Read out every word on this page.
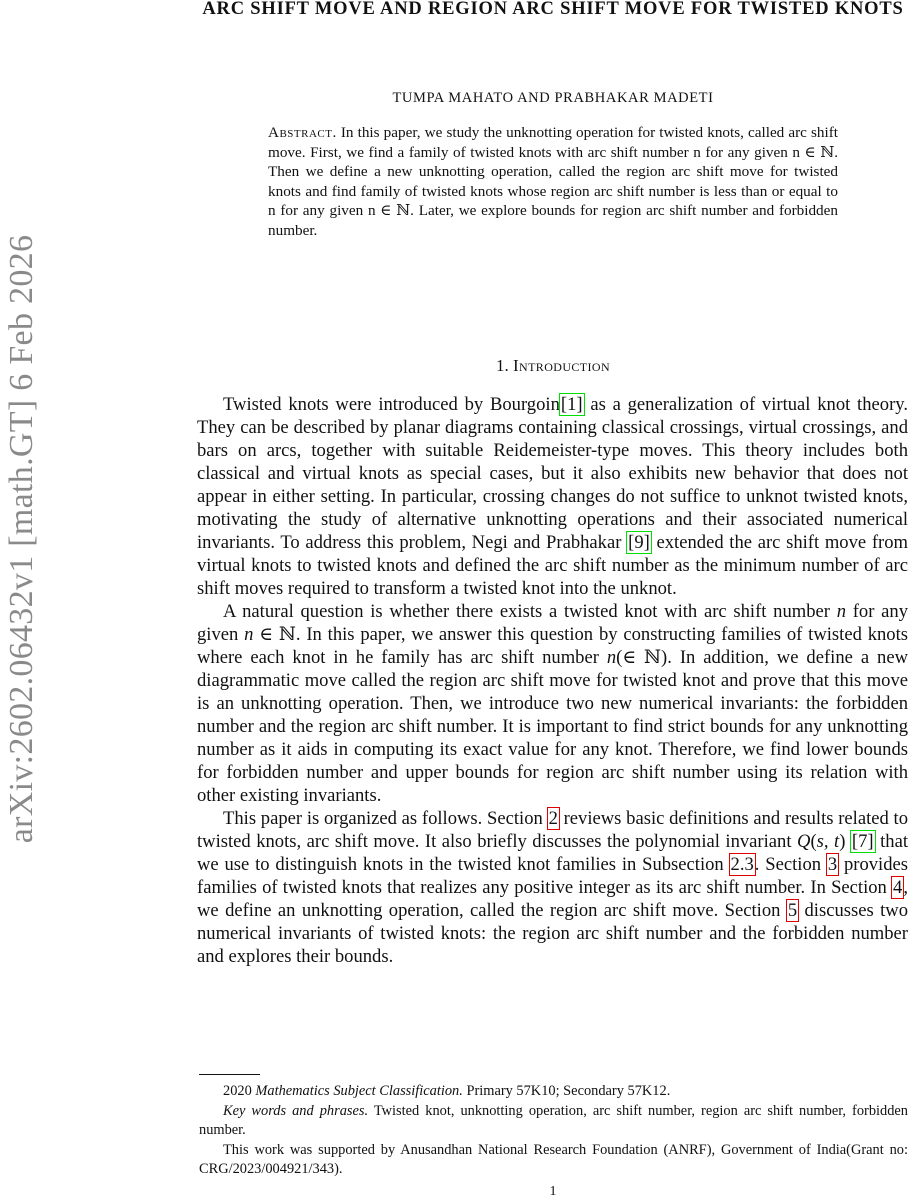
arXiv:2602.06432v1 [math.GT] 6 Feb 2026
ARC SHIFT MOVE AND REGION ARC SHIFT MOVE FOR TWISTED KNOTS
TUMPA MAHATO AND PRABHAKAR MADETI
Abstract. In this paper, we study the unknotting operation for twisted knots, called arc shift move. First, we find a family of twisted knots with arc shift number n for any given n ∈ ℕ. Then we define a new unknotting operation, called the region arc shift move for twisted knots and find family of twisted knots whose region arc shift number is less than or equal to n for any given n ∈ ℕ. Later, we explore bounds for region arc shift number and forbidden number.
1. Introduction

Twisted knots were introduced by Bourgoin[1] as a generalization of virtual knot theory. They can be described by planar diagrams containing classical crossings, virtual crossings, and bars on arcs, together with suitable Reidemeister-type moves. This theory includes both classical and virtual knots as special cases, but it also exhibits new behavior that does not appear in either setting. In particular, crossing changes do not suffice to unknot twisted knots, motivating the study of alternative unknotting operations and their associated numerical invariants. To address this problem, Negi and Prabhakar [9] extended the arc shift move from virtual knots to twisted knots and defined the arc shift number as the minimum number of arc shift moves required to transform a twisted knot into the unknot.

A natural question is whether there exists a twisted knot with arc shift number n for any given n ∈ ℕ. In this paper, we answer this question by constructing families of twisted knots where each knot in he family has arc shift number n(∈ ℕ). In addition, we define a new diagrammatic move called the region arc shift move for twisted knot and prove that this move is an unknotting operation. Then, we introduce two new numerical invariants: the forbidden number and the region arc shift number. It is important to find strict bounds for any unknotting number as it aids in computing its exact value for any knot. Therefore, we find lower bounds for forbidden number and upper bounds for region arc shift number using its relation with other existing invariants.

This paper is organized as follows. Section 2 reviews basic definitions and results related to twisted knots, arc shift move. It also briefly discusses the polynomial invariant Q(s, t) [7] that we use to distinguish knots in the twisted knot families in Subsection 2.3. Section 3 provides families of twisted knots that realizes any positive integer as its arc shift number. In Section 4, we define an unknotting operation, called the region arc shift move. Section 5 discusses two numerical invariants of twisted knots: the region arc shift number and the forbidden number and explores their bounds.

2020 Mathematics Subject Classification. Primary 57K10; Secondary 57K12.

Key words and phrases. Twisted knot, unknotting operation, arc shift number, region arc shift number, forbidden number.

This work was supported by Anusandhan National Research Foundation (ANRF), Government of India(Grant no: CRG/2023/004921/343).

1
